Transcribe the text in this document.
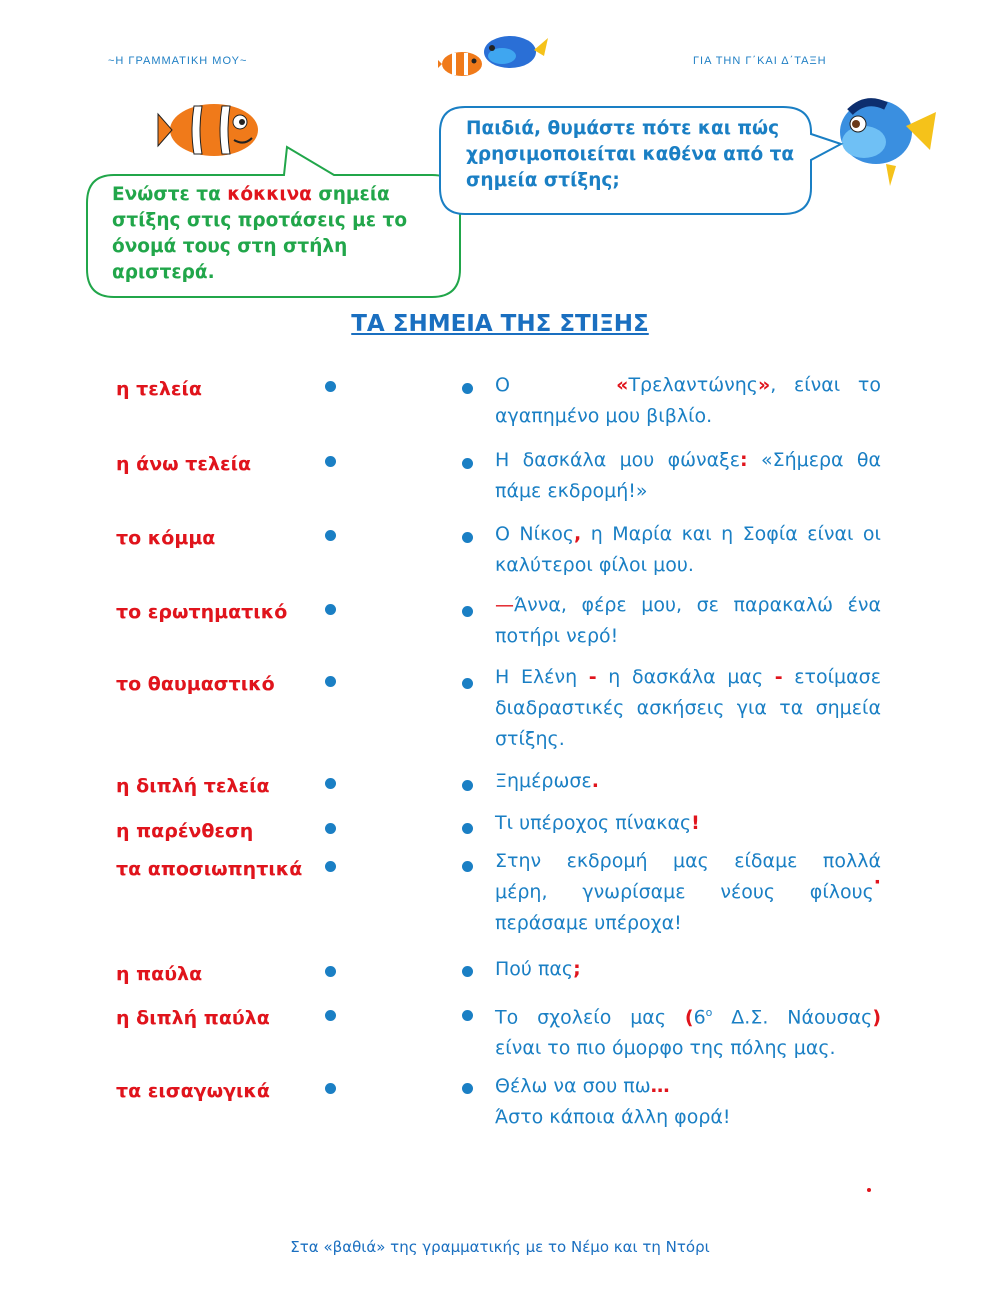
~Η ΓΡΑΜΜΑΤΙΚΗ ΜΟΥ~	ΓΙΑ ΤΗΝ Γ΄ΚΑΙ Δ΄ΤΑΞΗ
Ενώστε τα κόκκινα σημεία στίξης στις προτάσεις με το όνομά τους στη στήλη αριστερά.
Παιδιά, θυμάστε πότε και πώς χρησιμοποιείται καθένα από τα σημεία στίξης;
ΤΑ ΣΗΜΕΙΑ ΤΗΣ ΣΤΙΞΗΣ
η τελεία
η άνω τελεία
το κόμμα
το ερωτηματικό
το θαυμαστικό
η διπλή τελεία
η παρένθεση
τα αποσιωπητικά
η παύλα
η διπλή παύλα
τα εισαγωγικά
Ο	«Τρελαντώνης», είναι το
αγαπημένο μου βιβλίο.
Η δασκάλα μου φώναξε: «Σήμερα θα
πάμε εκδρομή!»
Ο Νίκος, η Μαρία και η Σοφία είναι οι
καλύτεροι φίλοι μου.
—Άννα, φέρε μου, σε παρακαλώ ένα
ποτήρι νερό!
Η Ελένη - η δασκάλα μας - ετοίμασε
διαδραστικές ασκήσεις για τα σημεία
στίξης.
Ξημέρωσε.
Τι υπέροχος πίνακας!
Στην εκδρομή μας είδαμε πολλά
μέρη, γνωρίσαμε νέους φίλους·
περάσαμε υπέροχα!
Πού πας;
Το σχολείο μας ($6^o$ Δ.Σ. Νάουσας)
είναι το πιο όμορφο της πόλης μας.
Θέλω να σου πω…
Άστο κάποια άλλη φορά!
Στα «βαθιά» της γραμματικής με το Νέμο και τη Ντόρι
